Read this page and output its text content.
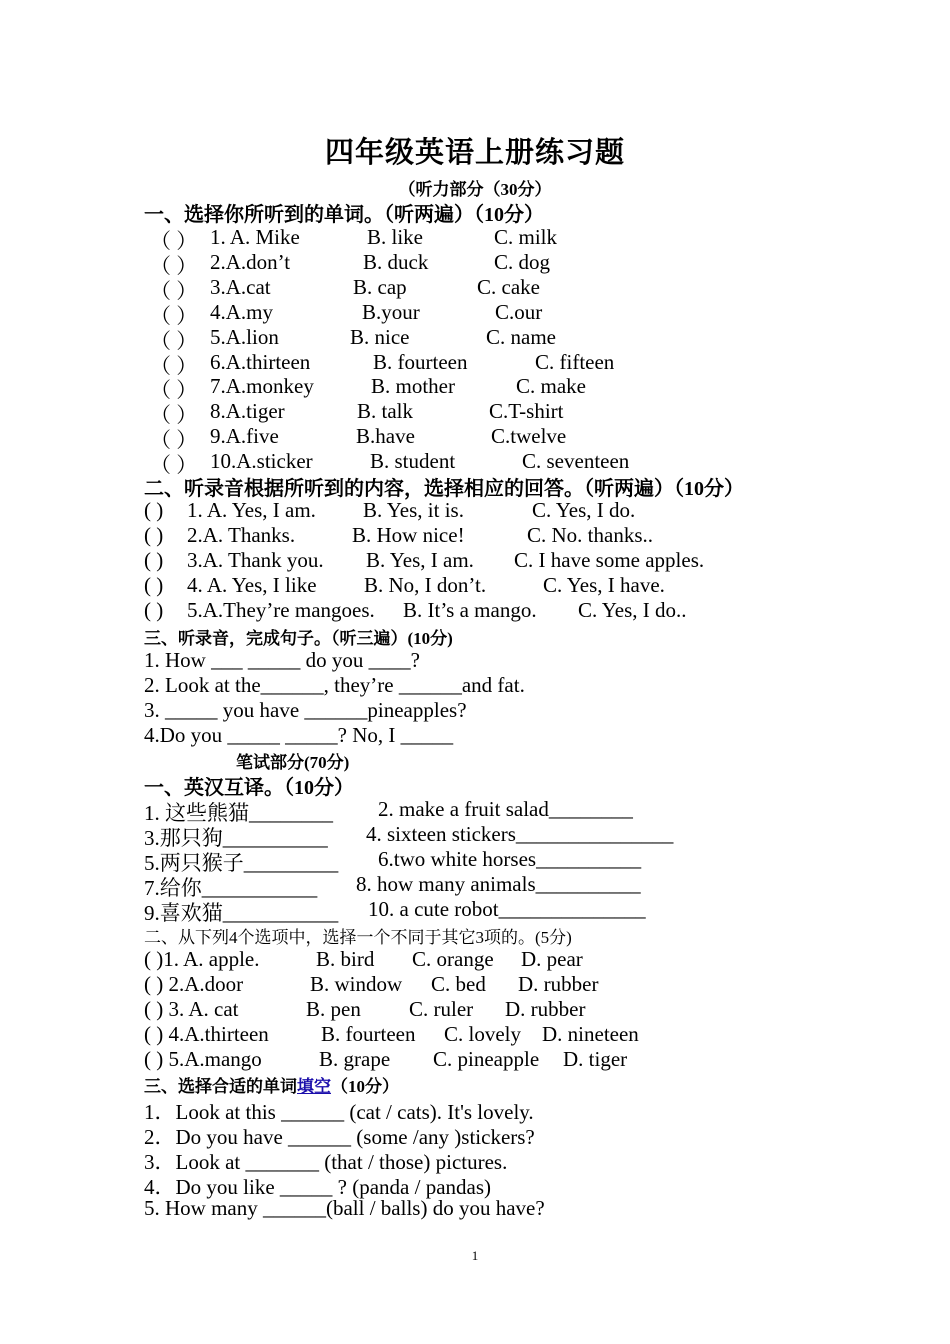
四年级英语上册练习题
（听力部分（30分）
一、选择你所听到的单词。（听两遍）（10分）
（ ） 1. A. Mike	B. like	C. milk
（ ） 2.A.don’t	B. duck	C. dog
（ ） 3.A.cat	B. cap	C. cake
（ ） 4.A.my	B.your	C.our
（ ） 5.A.lion	B. nice	C. name
（ ） 6.A.thirteen	B. fourteen	C. fifteen
（ ） 7.A.monkey	B. mother	C. make
（ ） 8.A.tiger	B. talk	C.T-shirt
（ ） 9.A.five	B.have	C.twelve
（ ） 10.A.sticker	B. student	C. seventeen
二、听录音根据所听到的内容，选择相应的回答。（听两遍）（10分）
( ) 1. A. Yes, I am. B. Yes, it is.	C. Yes, I do.
( ) 2.A. Thanks.	B. How nice!	C. No. thanks..
( ) 3.A. Thank you. B. Yes, I am. C. I have some apples.
( ) 4. A. Yes, I like B. No, I don’t.	C. Yes, I have.
( ) 5.A.They’re mangoes. B. It’s a mango. C. Yes, I do..
三、听录音，完成句子。（听三遍）(10分)
1. How ___ _____ do you ____?
2. Look at the______, they’re ______and fat.
3. _____ you have ______pineapples?
4.Do you _____ _____? No, I _____
笔试部分(70分)
一、英汉互译。（10分）
1. 这些熊猫________ 2. make a fruit salad________
3.那只狗__________ 4. sixteen stickers_______________
5.两只猴子_________ 6.two white horses__________
7.给你___________ 8. how many animals__________
9.喜欢猫___________ 10. a cute robot______________
二、从下列4个选项中，选择一个不同于其它3项的。(5分)
( )1. A. apple.	B. bird C. orange D. pear
( ) 2.A.door	B. window C. bed D. rubber
( ) 3. A. cat	B. pen C. ruler D. rubber
( ) 4.A.thirteen B. fourteen C. lovely D. nineteen
( ) 5.A.mango	B. grape C. pineapple D. tiger
三、选择合适的单词填空（10分）
1．Look at this ______ (cat / cats). It's lovely.
2．Do you have ______ (some /any )stickers?
3．Look at _______ (that / those) pictures.
4．Do you like _____ ? (panda / pandas)
5. How many ______(ball / balls) do you have?
1
